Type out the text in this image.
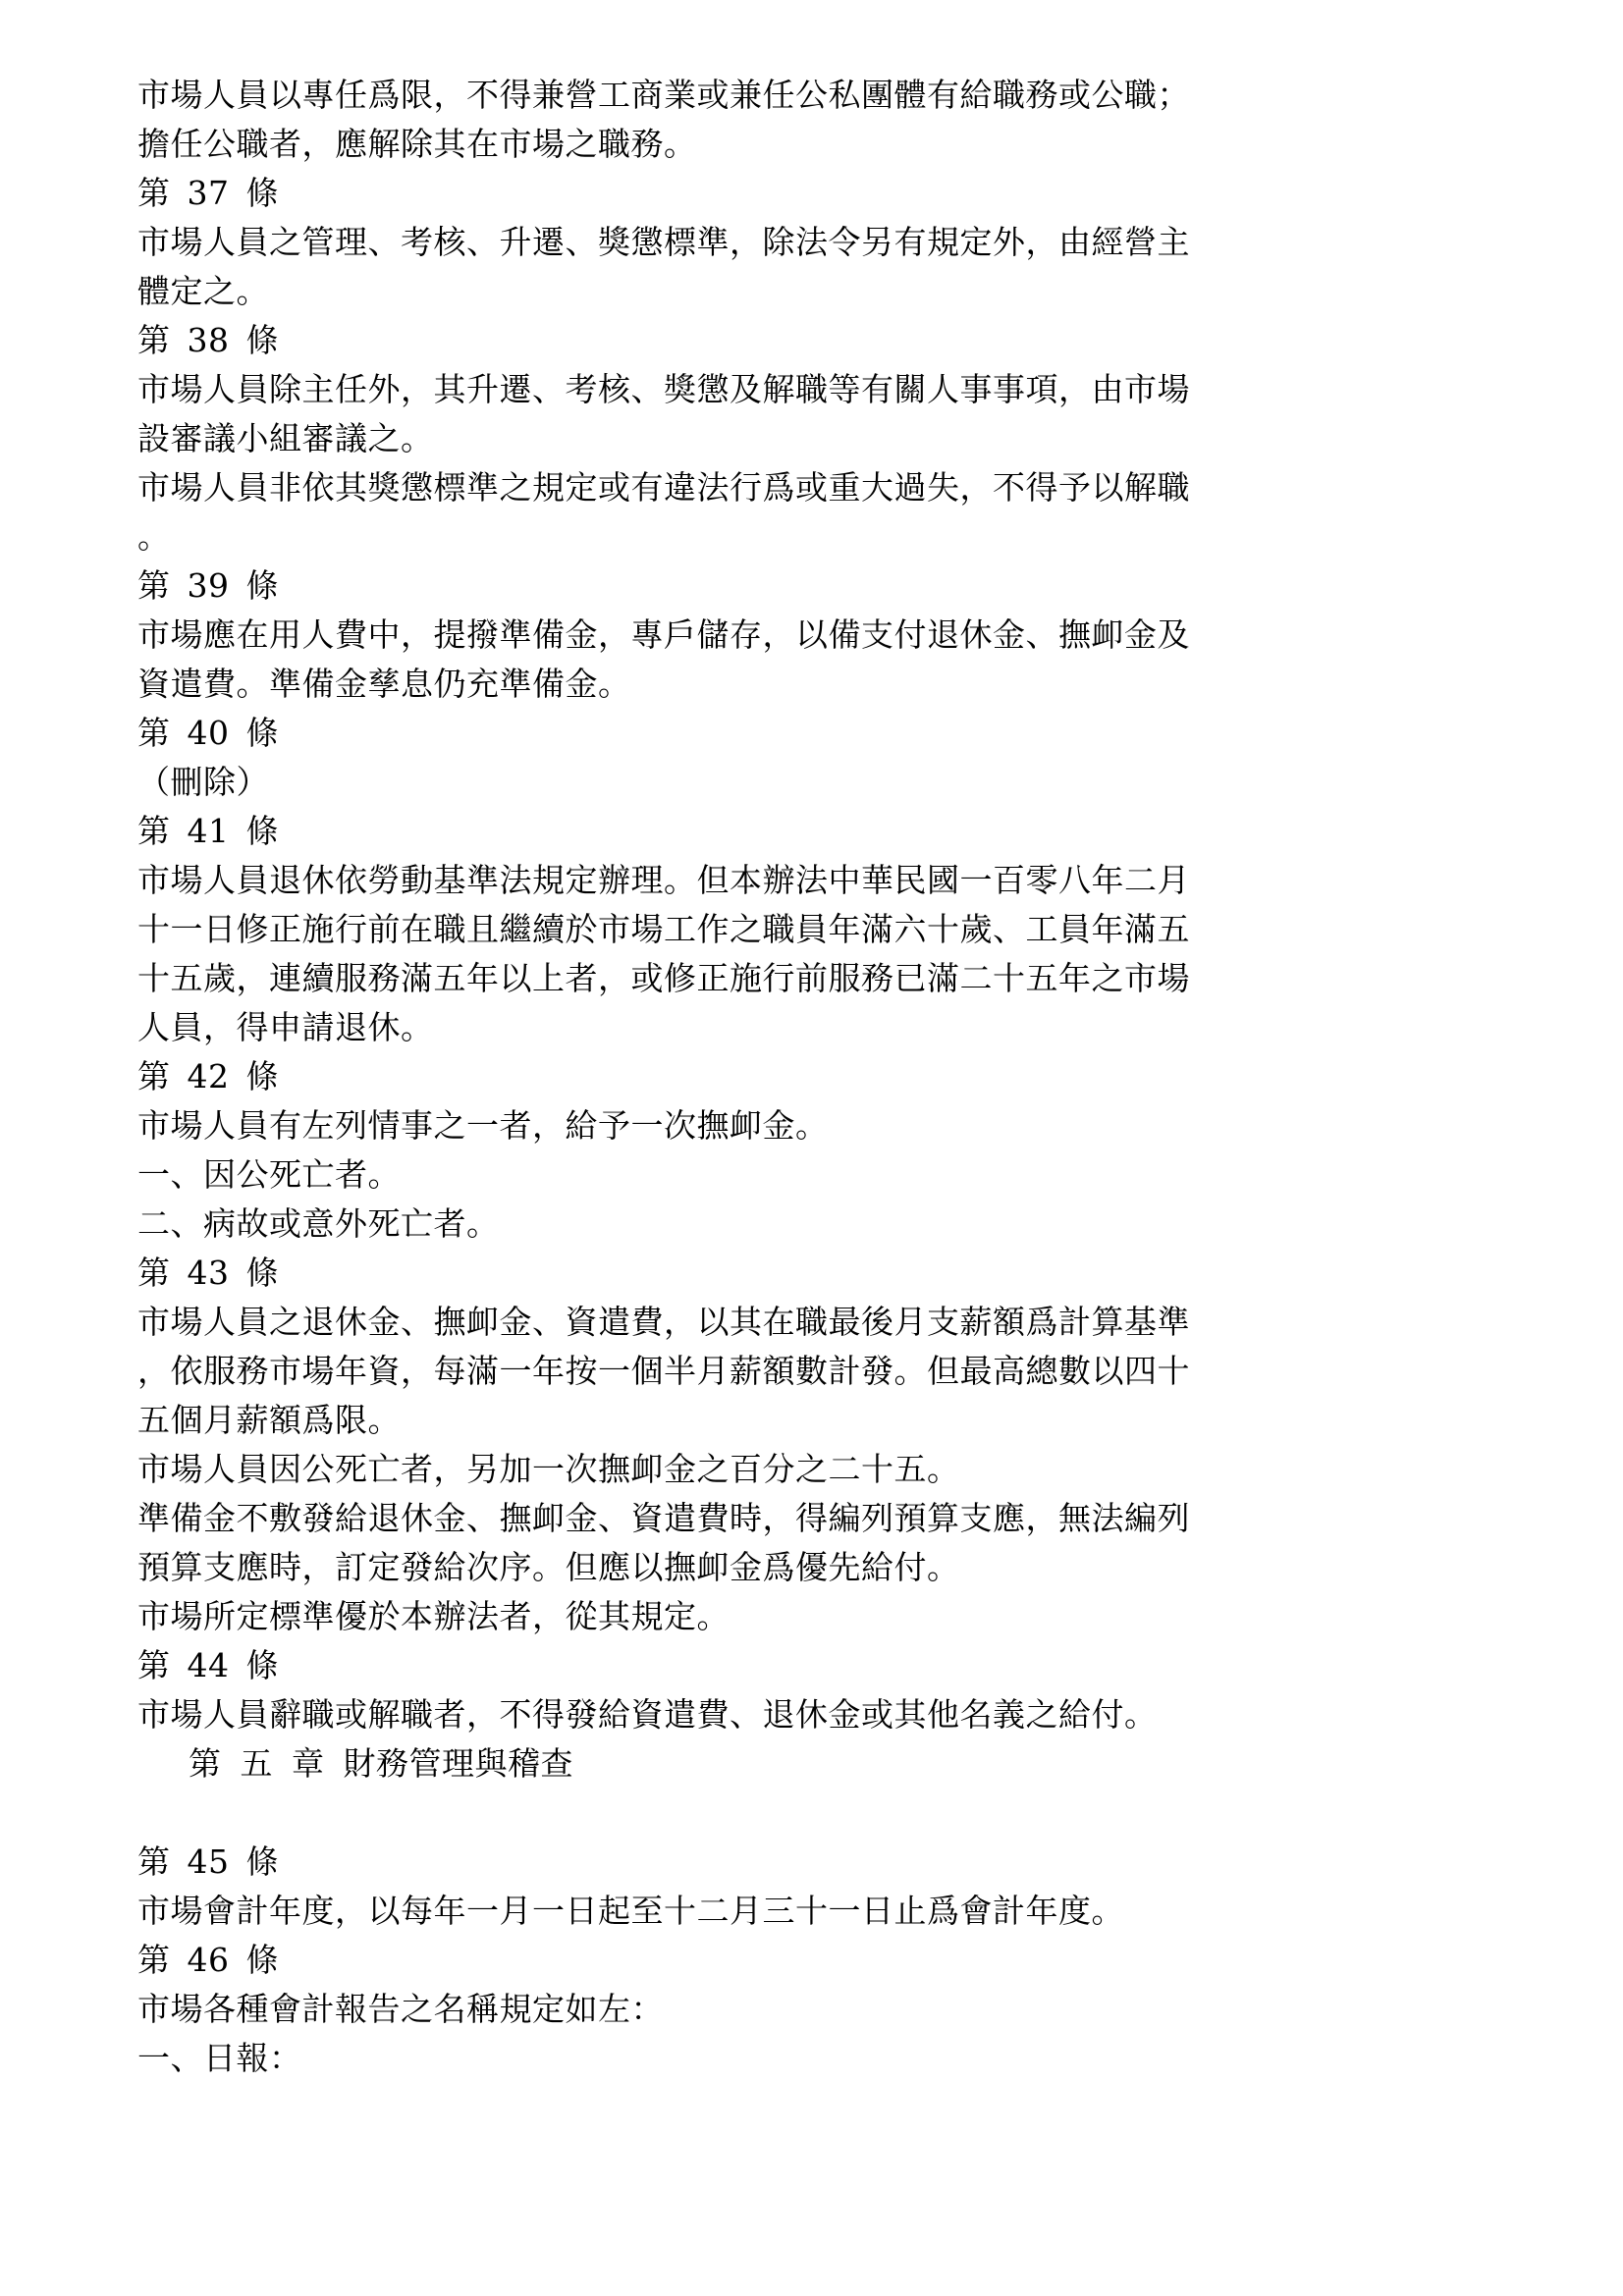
市場人員以專任爲限，不得兼營工商業或兼任公私團體有給職務或公職；
擔任公職者，應解除其在市場之職務。
第 37 條
市場人員之管理、考核、升遷、獎懲標準，除法令另有規定外，由經營主
體定之。
第 38 條
市場人員除主任外，其升遷、考核、獎懲及解職等有關人事事項，由市場
設審議小組審議之。
市場人員非依其獎懲標準之規定或有違法行爲或重大過失，不得予以解職
。
第 39 條
市場應在用人費中，提撥準備金，專戶儲存，以備支付退休金、撫卹金及
資遣費。準備金孳息仍充準備金。
第 40 條
（刪除）
第 41 條
市場人員退休依勞動基準法規定辦理。但本辦法中華民國一百零八年二月
十一日修正施行前在職且繼續於市場工作之職員年滿六十歲、工員年滿五
十五歲，連續服務滿五年以上者，或修正施行前服務已滿二十五年之市場
人員，得申請退休。
第 42 條
市場人員有左列情事之一者，給予一次撫卹金。
一、因公死亡者。
二、病故或意外死亡者。
第 43 條
市場人員之退休金、撫卹金、資遣費，以其在職最後月支薪額爲計算基準
，依服務市場年資，每滿一年按一個半月薪額數計發。但最高總數以四十
五個月薪額爲限。
市場人員因公死亡者，另加一次撫卹金之百分之二十五。
準備金不敷發給退休金、撫卹金、資遣費時，得編列預算支應，無法編列
預算支應時，訂定發給次序。但應以撫卹金爲優先給付。
市場所定標準優於本辦法者，從其規定。
第 44 條
市場人員辭職或解職者，不得發給資遣費、退休金或其他名義之給付。
第 五 章 財務管理與稽查
第 45 條
市場會計年度，以每年一月一日起至十二月三十一日止爲會計年度。
第 46 條
市場各種會計報告之名稱規定如左：
一、日報：
